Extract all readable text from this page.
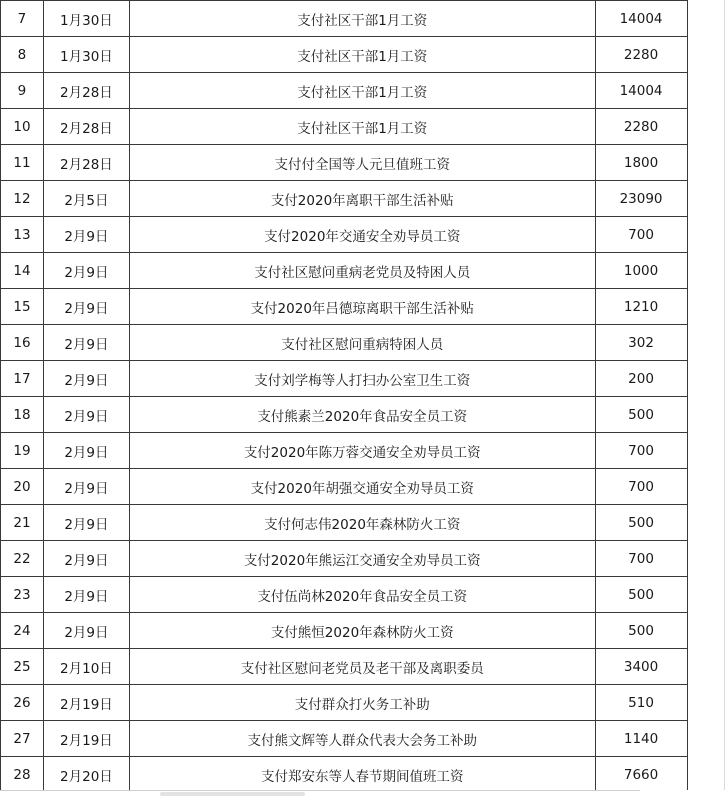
7	1月30日	支付社区干部1月工资	14004	
8	1月30日	支付社区干部1月工资	2280	
9	2月28日	支付社区干部1月工资	14004	
10	2月28日	支付社区干部1月工资	2280	
11	2月28日	支付付全国等人元旦值班工资	1800	
12	2月5日	支付2020年离职干部生活补贴	23090	
13	2月9日	支付2020年交通安全劝导员工资	700	
14	2月9日	支付社区慰问重病老党员及特困人员	1000	
15	2月9日	支付2020年吕德琼离职干部生活补贴	1210	
16	2月9日	支付社区慰问重病特困人员	302	
17	2月9日	支付刘学梅等人打扫办公室卫生工资	200	
18	2月9日	支付熊素兰2020年食品安全员工资	500	
19	2月9日	支付2020年陈万蓉交通安全劝导员工资	700	
20	2月9日	支付2020年胡强交通安全劝导员工资	700	
21	2月9日	支付何志伟2020年森林防火工资	500	
22	2月9日	支付2020年熊运江交通安全劝导员工资	700	
23	2月9日	支付伍尚林2020年食品安全员工资	500	
24	2月9日	支付熊恒2020年森林防火工资	500	
25	2月10日	支付社区慰问老党员及老干部及离职委员	3400	
26	2月19日	支付群众打火务工补助	510	
27	2月19日	支付熊文辉等人群众代表大会务工补助	1140	
28	2月20日	支付郑安东等人春节期间值班工资	7660	
